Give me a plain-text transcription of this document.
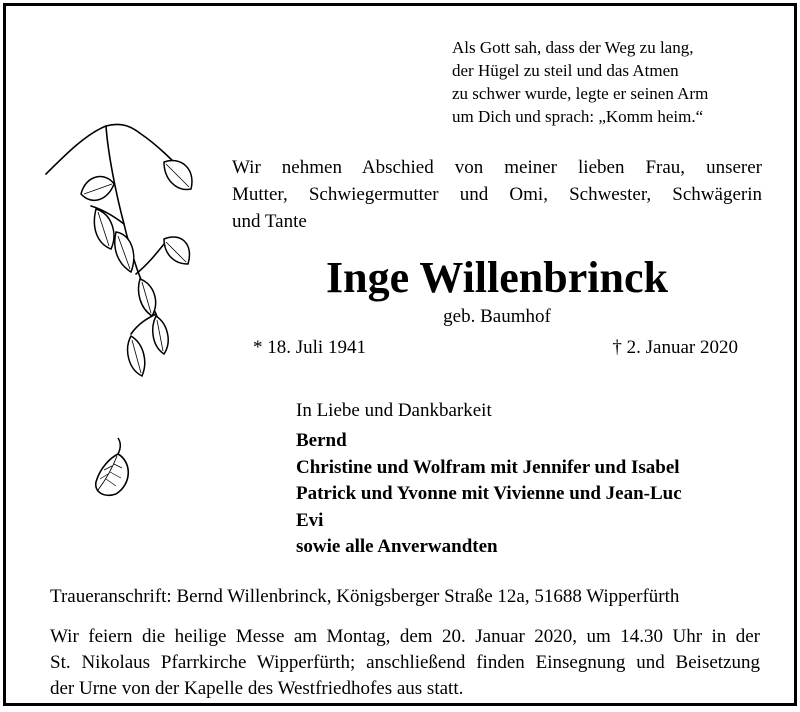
Als Gott sah, dass der Weg zu lang,
der Hügel zu steil und das Atmen
zu schwer wurde, legte er seinen Arm
um Dich und sprach: „Komm heim.“
Wir nehmen Abschied von meiner lieben Frau, unserer
Mutter, Schwiegermutter und Omi, Schwester, Schwägerin
und Tante
Inge Willenbrinck
geb. Baumhof
* 18. Juli 1941	† 2. Januar 2020
In Liebe und Dankbarkeit
Bernd
Christine und Wolfram mit Jennifer und Isabel
Patrick und Yvonne mit Vivienne und Jean-Luc
Evi
sowie alle Anverwandten
Traueranschrift: Bernd Willenbrinck, Königsberger Straße 12a, 51688 Wipperfürth
Wir feiern die heilige Messe am Montag, dem 20. Januar 2020, um 14.30 Uhr in der
St. Nikolaus Pfarrkirche Wipperfürth; anschließend finden Einsegnung und Beisetzung
der Urne von der Kapelle des Westfriedhofes aus statt.
